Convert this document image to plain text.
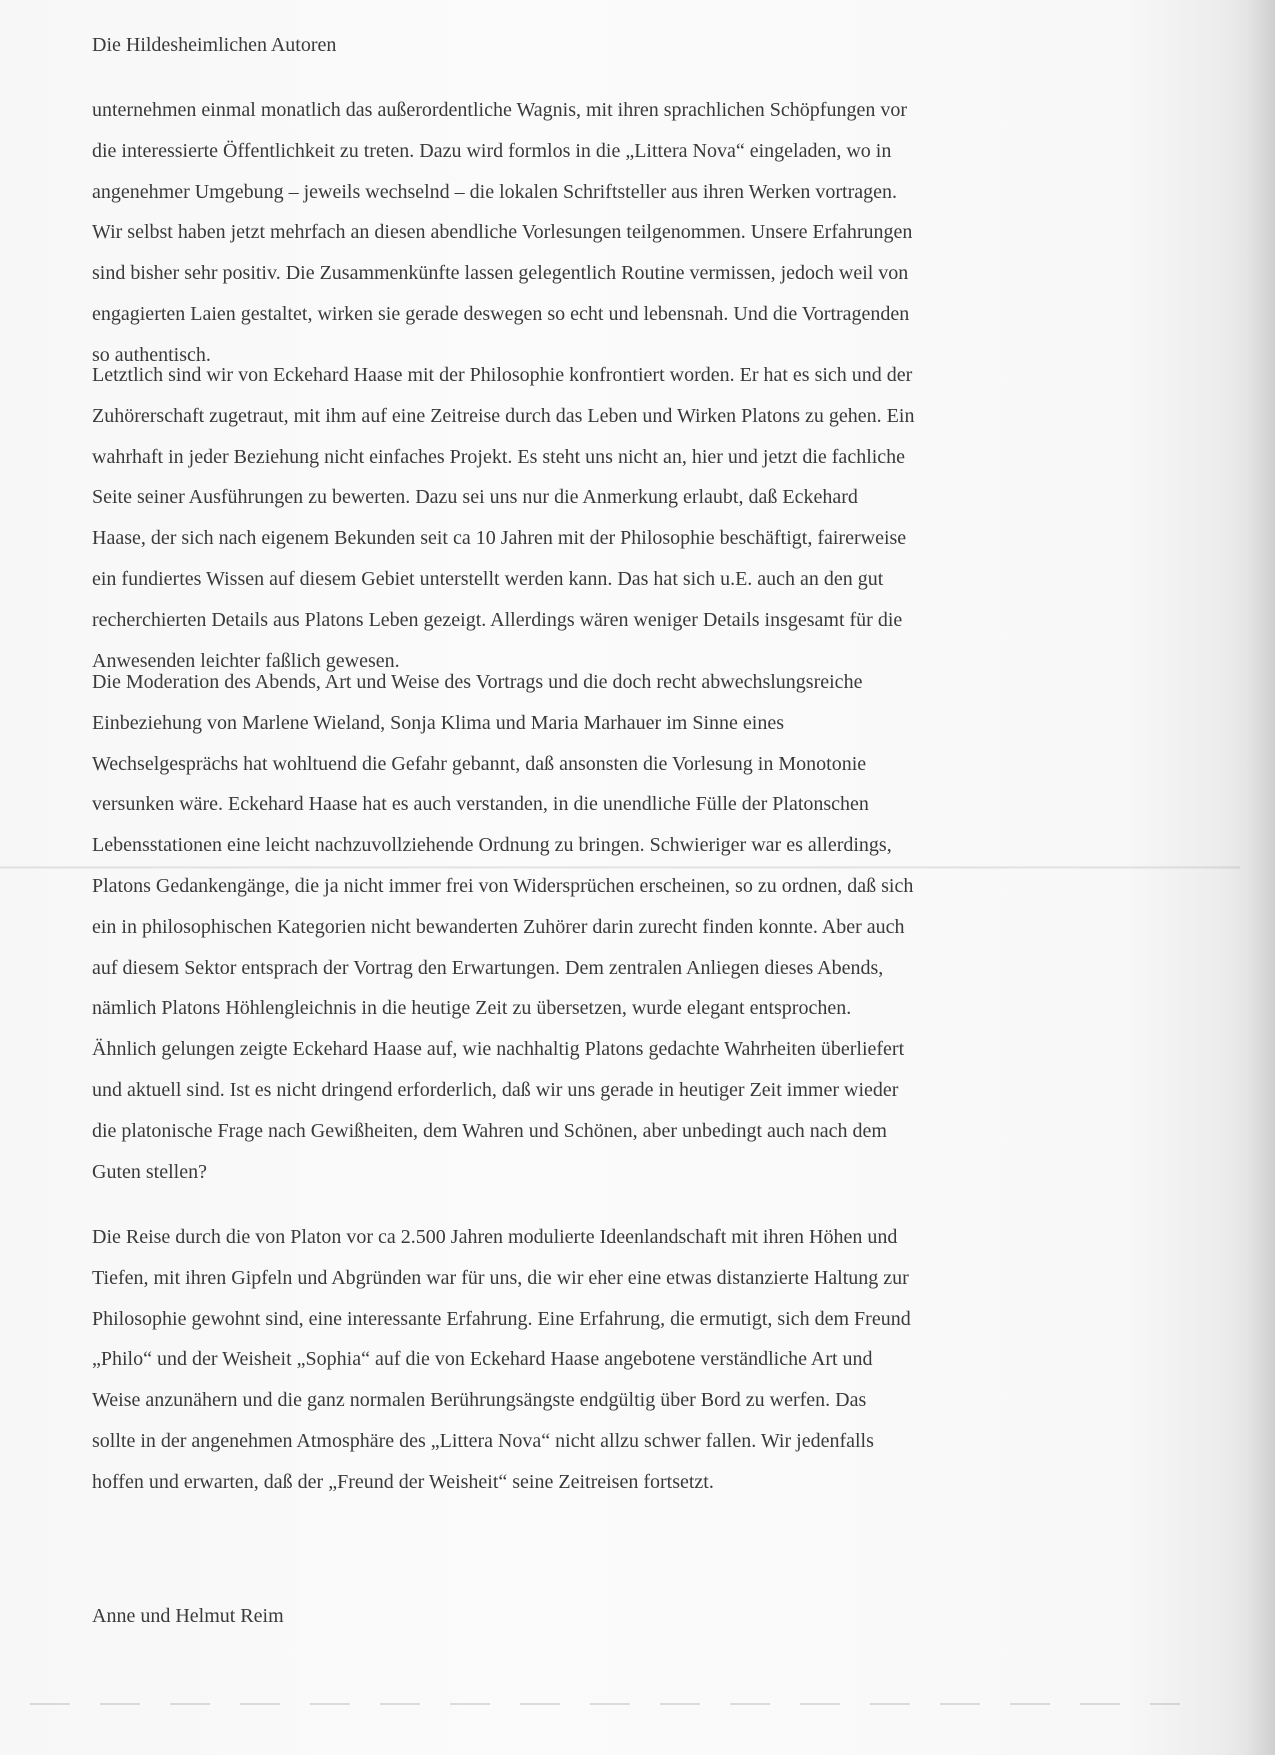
Die Hildesheimlichen Autoren
unternehmen einmal monatlich das außerordentliche Wagnis, mit ihren sprachlichen Schöpfungen vor
die interessierte Öffentlichkeit zu treten. Dazu wird formlos in die „Littera Nova“ eingeladen, wo in
angenehmer Umgebung – jeweils wechselnd – die lokalen Schriftsteller aus ihren Werken vortragen.
Wir selbst haben jetzt mehrfach an diesen abendliche Vorlesungen teilgenommen. Unsere Erfahrungen
sind bisher sehr positiv. Die Zusammenkünfte lassen gelegentlich Routine vermissen, jedoch weil von
engagierten Laien gestaltet, wirken sie gerade deswegen so echt und lebensnah. Und die Vortragenden
so authentisch.
Letztlich sind wir von Eckehard Haase mit der Philosophie konfrontiert worden. Er hat es sich und der
Zuhörerschaft zugetraut, mit ihm auf eine Zeitreise durch das Leben und Wirken Platons zu gehen. Ein
wahrhaft in jeder Beziehung nicht einfaches Projekt. Es steht uns nicht an, hier und jetzt die fachliche
Seite seiner Ausführungen zu bewerten. Dazu sei uns nur die Anmerkung erlaubt, daß Eckehard
Haase, der sich nach eigenem Bekunden seit ca 10 Jahren mit der Philosophie beschäftigt, fairerweise
ein fundiertes Wissen auf diesem Gebiet unterstellt werden kann. Das hat sich u.E. auch an den gut
recherchierten Details aus Platons Leben gezeigt. Allerdings wären weniger Details insgesamt für die
Anwesenden leichter faßlich gewesen.
Die Moderation des Abends, Art und Weise des Vortrags und die doch recht abwechslungsreiche
Einbeziehung von Marlene Wieland, Sonja Klima und Maria Marhauer im Sinne eines
Wechselgesprächs hat wohltuend die Gefahr gebannt, daß ansonsten die Vorlesung in Monotonie
versunken wäre. Eckehard Haase hat es auch verstanden, in die unendliche Fülle der Platonschen
Lebensstationen eine leicht nachzuvollziehende Ordnung zu bringen. Schwieriger war es allerdings,
Platons Gedankengänge, die ja nicht immer frei von Widersprüchen erscheinen, so zu ordnen, daß sich
ein in philosophischen Kategorien nicht bewanderten Zuhörer darin zurecht finden konnte. Aber auch
auf diesem Sektor entsprach der Vortrag den Erwartungen. Dem zentralen Anliegen dieses Abends,
nämlich Platons Höhlengleichnis in die heutige Zeit zu übersetzen, wurde elegant entsprochen.
Ähnlich gelungen zeigte Eckehard Haase auf, wie nachhaltig Platons gedachte Wahrheiten überliefert
und aktuell sind. Ist es nicht dringend erforderlich, daß wir uns gerade in heutiger Zeit immer wieder
die platonische Frage nach Gewißheiten, dem Wahren und Schönen, aber unbedingt auch nach dem
Guten stellen?
Die Reise durch die von Platon vor ca 2.500 Jahren modulierte Ideenlandschaft mit ihren Höhen und
Tiefen, mit ihren Gipfeln und Abgründen war für uns, die wir eher eine etwas distanzierte Haltung zur
Philosophie gewohnt sind, eine interessante Erfahrung. Eine Erfahrung, die ermutigt, sich dem Freund
„Philo“ und der Weisheit „Sophia“ auf die von Eckehard Haase angebotene verständliche Art und
Weise anzunähern und die ganz normalen Berührungsängste endgültig über Bord zu werfen. Das
sollte in der angenehmen Atmosphäre des „Littera Nova“ nicht allzu schwer fallen. Wir jedenfalls
hoffen und erwarten, daß der „Freund der Weisheit“ seine Zeitreisen fortsetzt.
Anne und Helmut Reim
